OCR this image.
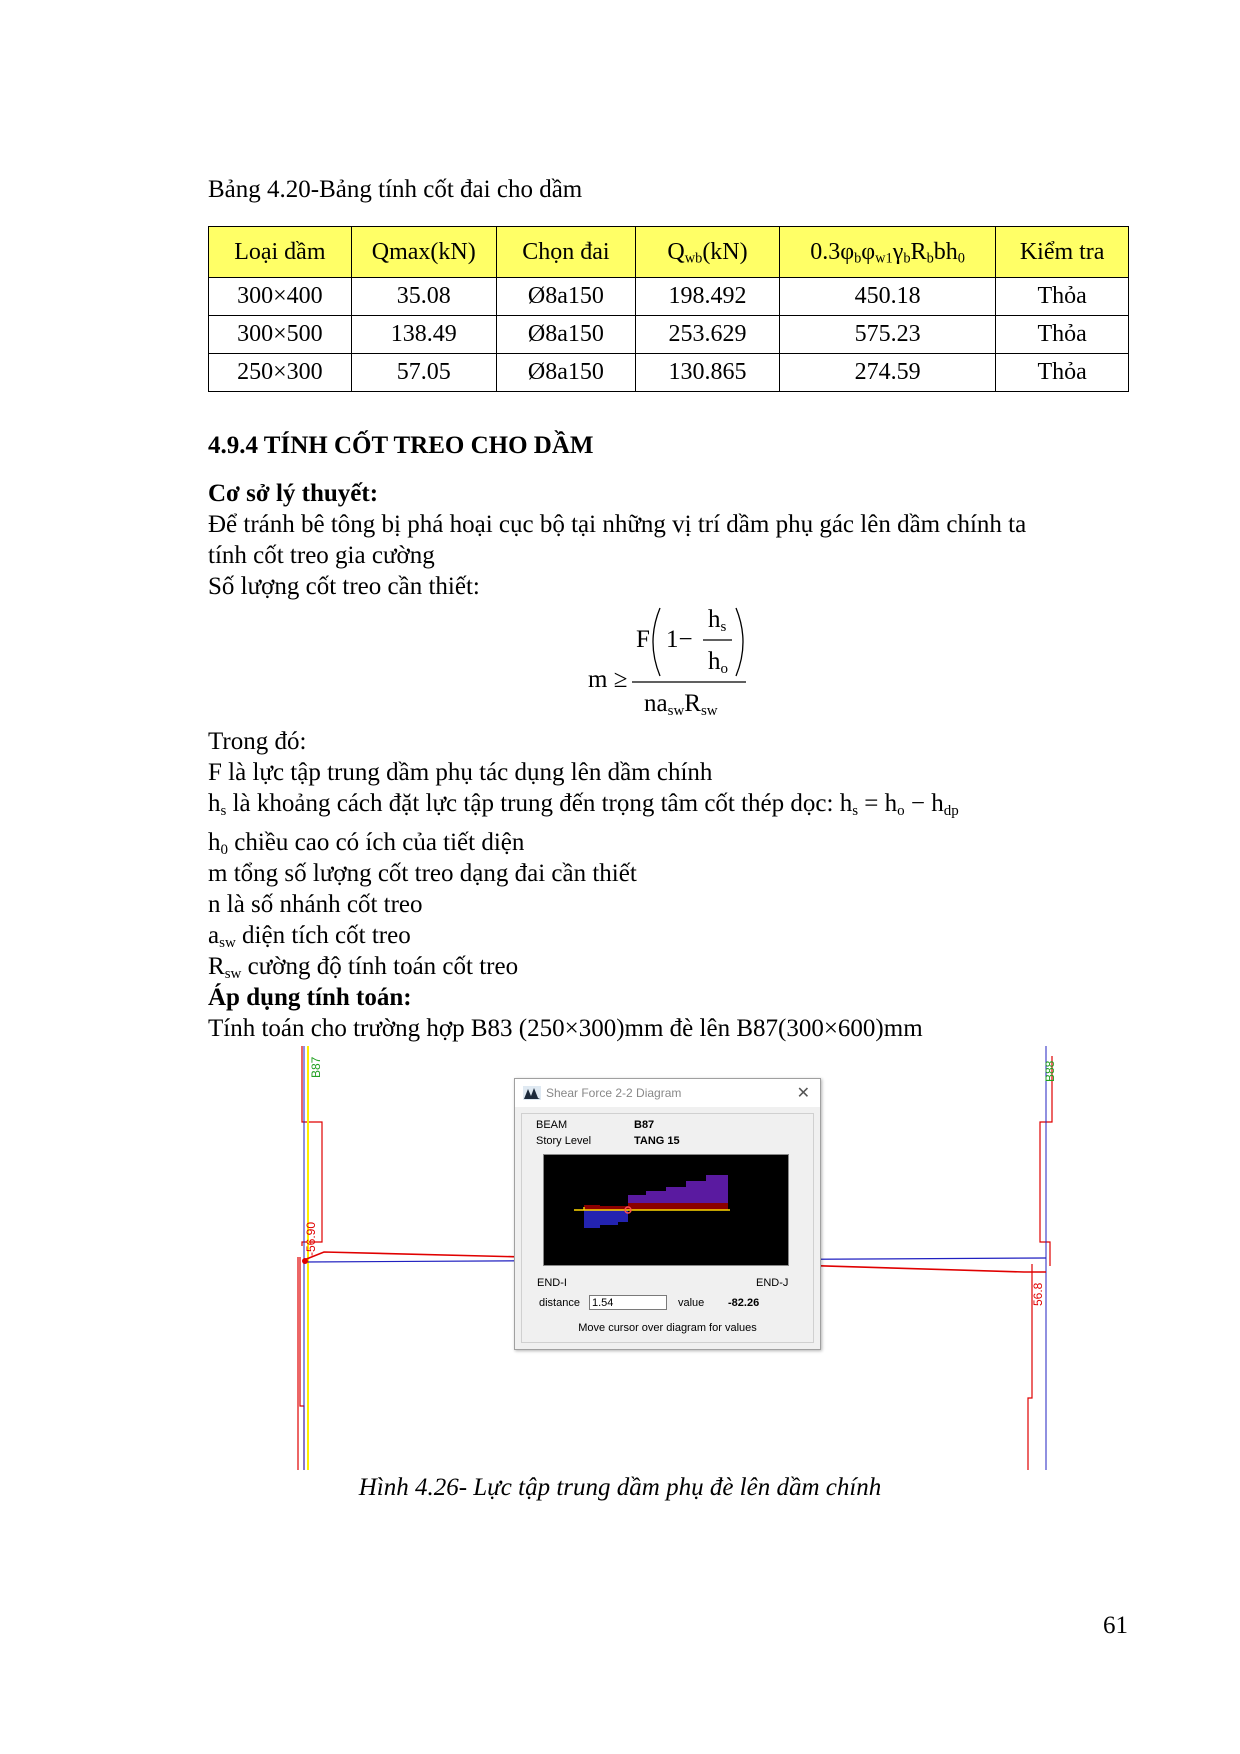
Bảng 4.20-Bảng tính cốt đai cho dầm
Loại dầm	Qmax(kN)	Chọn đai	$Q_{wb}(kN)$	$0.3\varphi_b\varphi_{w1}\gamma_bR_bbh_0$	Kiểm tra
300×400	35.08	Ø8a150	198.492	450.18	Thỏa
300×500	138.49	Ø8a150	253.629	575.23	Thỏa
250×300	57.05	Ø8a150	130.865	274.59	Thỏa
4.9.4 TÍNH CỐT TREO CHO DẦM
Cơ sở lý thuyết:
Để tránh bê tông bị phá hoại cục bộ tại những vị trí dầm phụ gác lên dầm chính ta
tính cốt treo gia cường
Số lượng cốt treo cần thiết:
m ≥
F 1−
$h_s$
$h_o$
$na_{sw}R_{sw}$
Trong đó:
F là lực tập trung dầm phụ tác dụng lên dầm chính
$h_s$ là khoảng cách đặt lực tập trung đến trọng tâm cốt thép dọc: $h_s = h_o - h_{dp}$
$h_0$ chiều cao có ích của tiết diện
m tổng số lượng cốt treo dạng đai cần thiết
n là số nhánh cốt treo
$a_{sw}$ diện tích cốt treo
$R_{sw}$ cường độ tính toán cốt treo
Áp dụng tính toán:
Tính toán cho trường hợp B83 (250×300)mm đè lên B87(300×600)mm
B87	B88
-56.90
56.8
Shear Force 2-2 Diagram	✕
BEAM	B87
Story Level	TANG 15
END-I	END-J
distance
1.54	value -82.26
Move cursor over diagram for values
Hình 4.26- Lực tập trung dầm phụ đè lên dầm chính
61
